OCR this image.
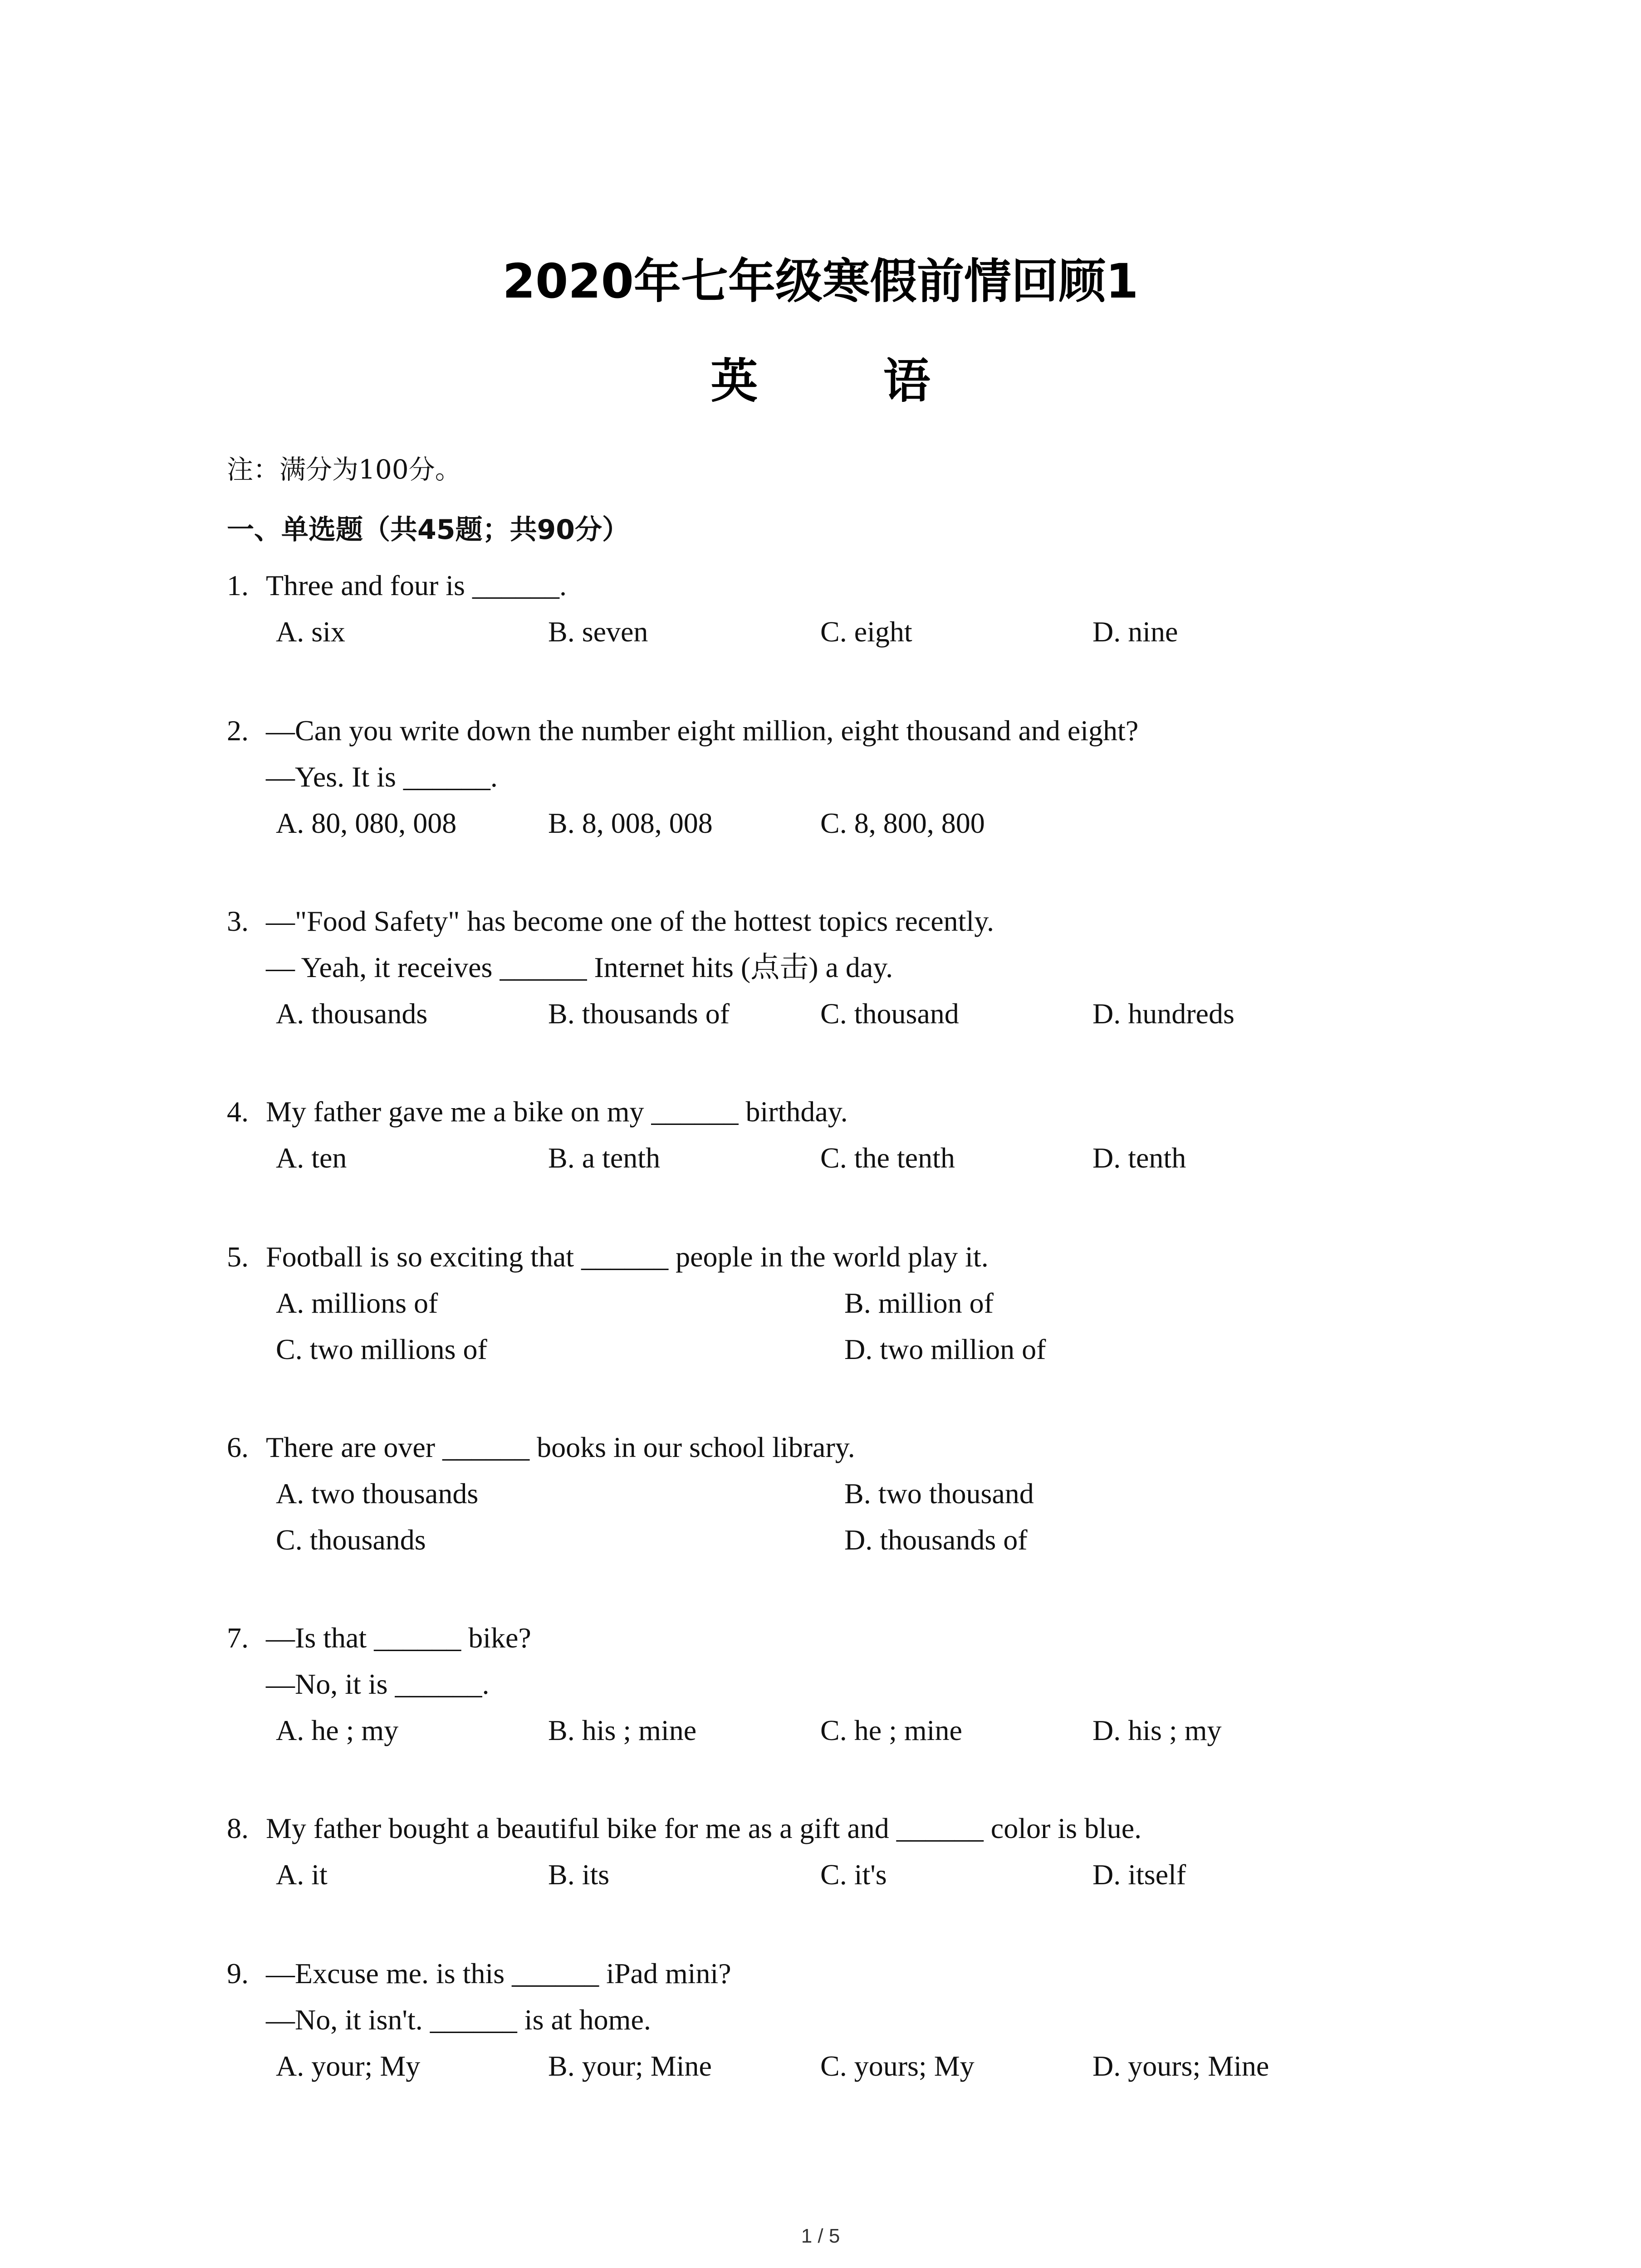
2020年七年级寒假前情回顾1
英 语
注：满分为100分。
一、单选题（共45题；共90分）
1. Three and four is ______.
A. six	B. seven	C. eight	D. nine
2. —Can you write down the number eight million, eight thousand and eight?
—Yes. It is ______.
A. 80, 080, 008	B. 8, 008, 008	C. 8, 800, 800
3. —"Food Safety" has become one of the hottest topics recently.
— Yeah, it receives ______ Internet hits (点击) a day.
A. thousands	B. thousands of	C. thousand	D. hundreds
4. My father gave me a bike on my ______ birthday.
A. ten	B. a tenth	C. the tenth	D. tenth
5. Football is so exciting that ______ people in the world play it.
A. millions of	B. million of
C. two millions of	D. two million of
6. There are over ______ books in our school library.
A. two thousands	B. two thousand
C. thousands	D. thousands of
7. —Is that ______ bike?
—No, it is ______.
A. he ; my	B. his ; mine	C. he ; mine	D. his ; my
8. My father bought a beautiful bike for me as a gift and ______ color is blue.
A. it	B. its	C. it's	D. itself
9. —Excuse me. is this ______ iPad mini?
—No, it isn't. ______ is at home.
A. your; My	B. your; Mine	C. yours; My	D. yours; Mine
1 / 5
